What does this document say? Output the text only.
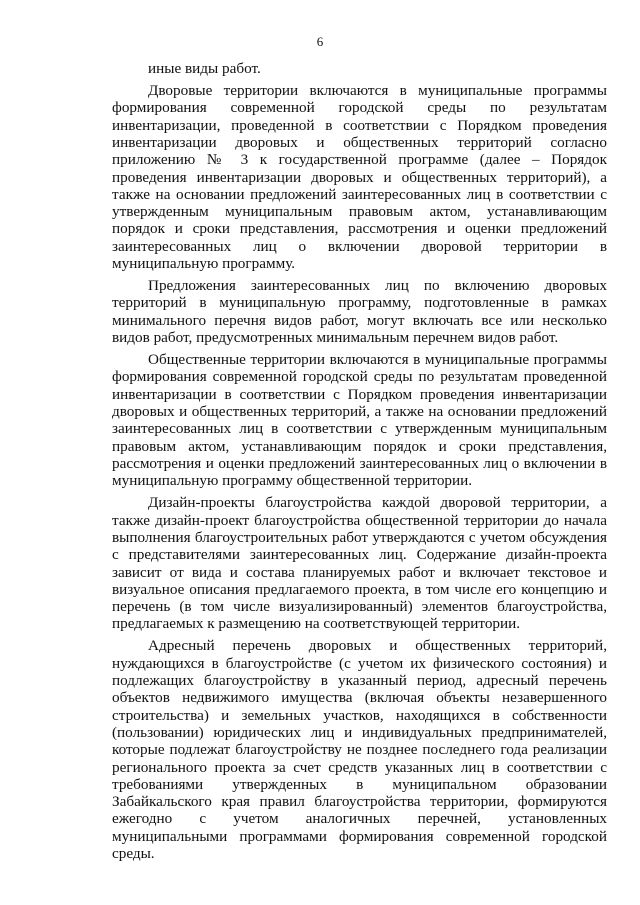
6

иные виды работ.

Дворовые территории включаются в муниципальные программы формирования современной городской среды по результатам инвентаризации, проведенной в соответствии с Порядком проведения инвентаризации дворовых и общественных территорий согласно приложению № 3 к государственной программе (далее – Порядок проведения инвентаризации дворовых и общественных территорий), а также на основании предложений заинтересованных лиц в соответствии с утвержденным муниципальным правовым актом, устанавливающим порядок и сроки представления, рассмотрения и оценки предложений заинтересованных лиц о включении дворовой территории в муниципальную программу.

Предложения заинтересованных лиц по включению дворовых территорий в муниципальную программу, подготовленные в рамках минимального перечня видов работ, могут включать все или несколько видов работ, предусмотренных минимальным перечнем видов работ.

Общественные территории включаются в муниципальные программы формирования современной городской среды по результатам проведенной инвентаризации в соответствии с Порядком проведения инвентаризации дворовых и общественных территорий, а также на основании предложений заинтересованных лиц в соответствии с утвержденным муниципальным правовым актом, устанавливающим порядок и сроки представления, рассмотрения и оценки предложений заинтересованных лиц о включении в муниципальную программу общественной территории.

Дизайн-проекты благоустройства каждой дворовой территории, а также дизайн-проект благоустройства общественной территории до начала выполнения благоустроительных работ утверждаются с учетом обсуждения с представителями заинтересованных лиц. Содержание дизайн-проекта зависит от вида и состава планируемых работ и включает текстовое и визуальное описания предлагаемого проекта, в том числе его концепцию и перечень (в том числе визуализированный) элементов благоустройства, предлагаемых к размещению на соответствующей территории.

Адресный перечень дворовых и общественных территорий, нуждающихся в благоустройстве (с учетом их физического состояния) и подлежащих благоустройству в указанный период, адресный перечень объектов недвижимого имущества (включая объекты незавершенного строительства) и земельных участков, находящихся в собственности (пользовании) юридических лиц и индивидуальных предпринимателей, которые подлежат благоустройству не позднее последнего года реализации регионального проекта за счет средств указанных лиц в соответствии с требованиями утвержденных в муниципальном образовании Забайкальского края правил благоустройства территории, формируются ежегодно с учетом аналогичных перечней, установленных муниципальными программами формирования современной городской среды.
